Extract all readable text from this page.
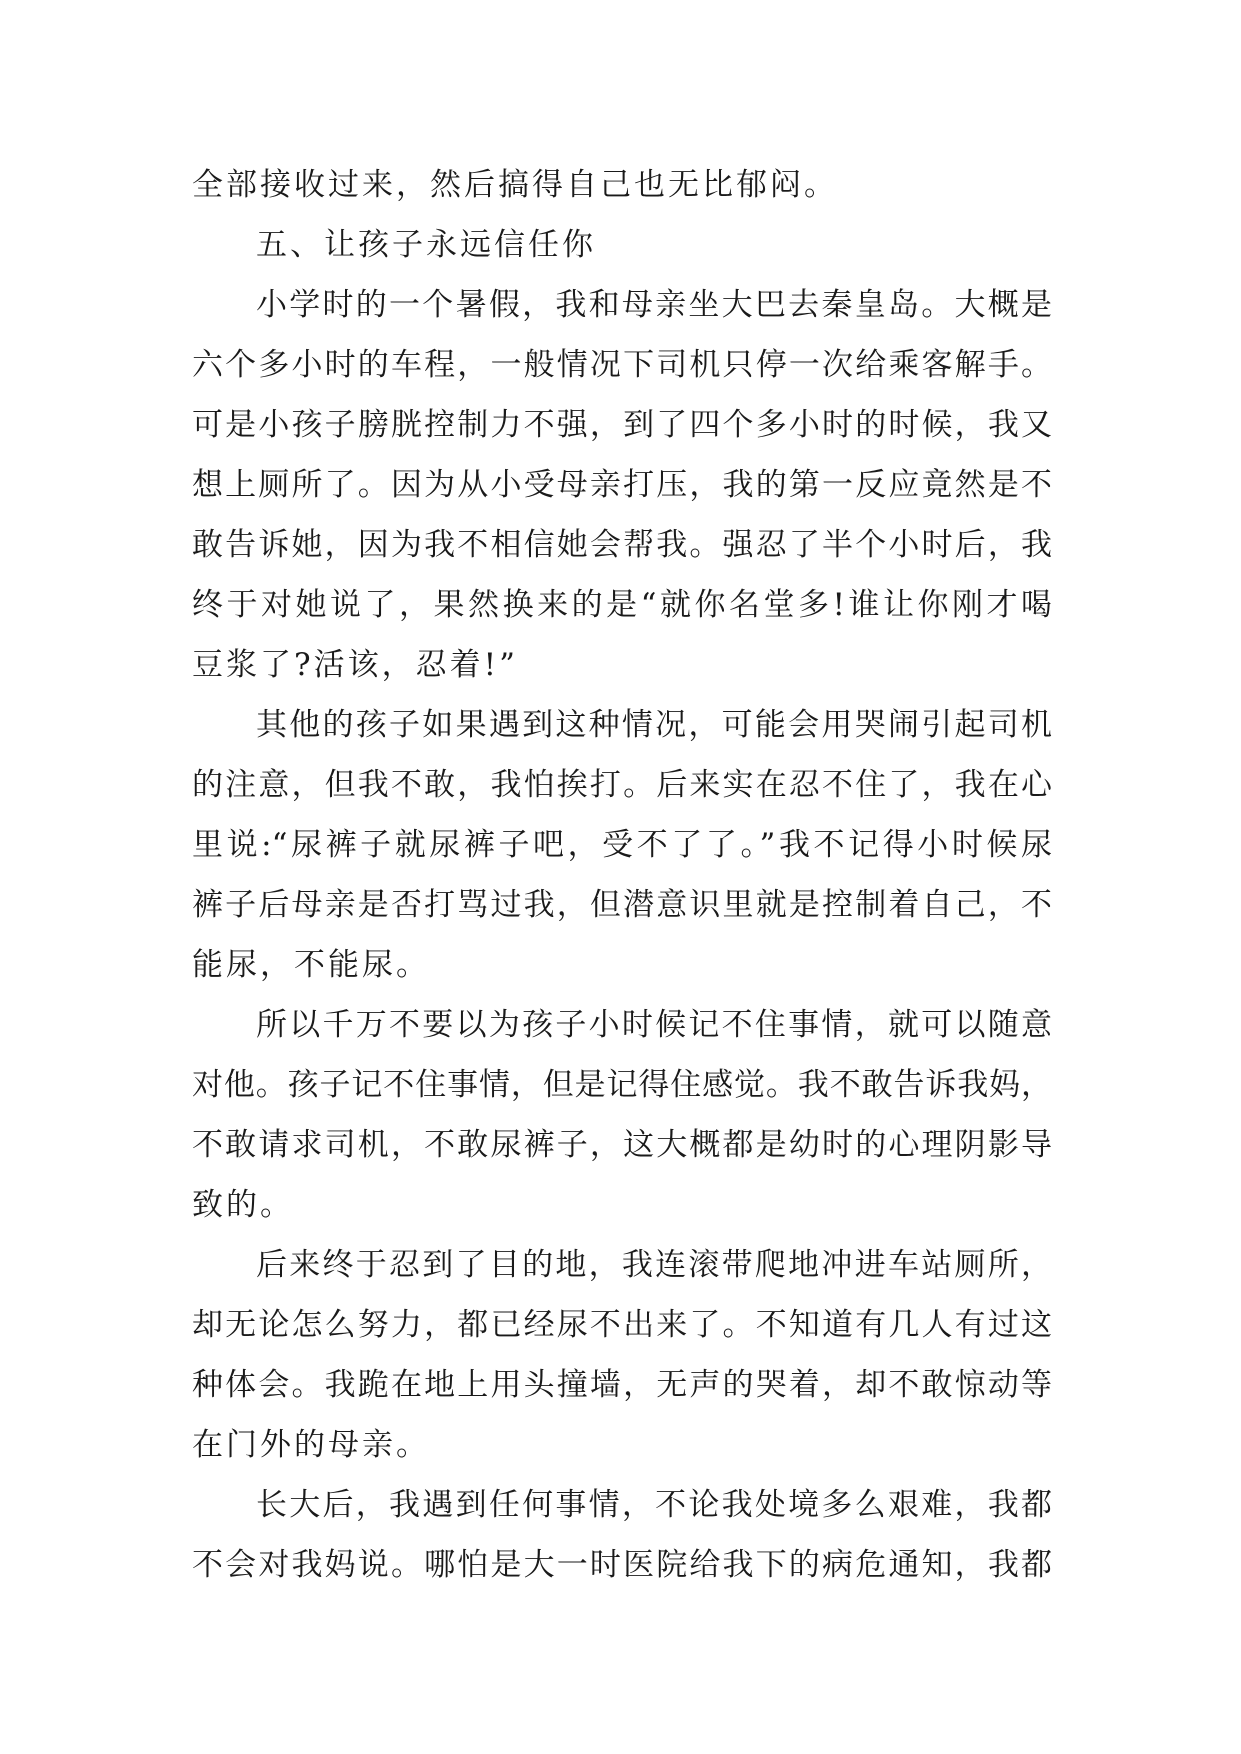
全部接收过来，然后搞得自己也无比郁闷。
五、让孩子永远信任你
小学时的一个暑假，我和母亲坐大巴去秦皇岛。大概是
六个多小时的车程，一般情况下司机只停一次给乘客解手。
可是小孩子膀胱控制力不强，到了四个多小时的时候，我又
想上厕所了。因为从小受母亲打压，我的第一反应竟然是不
敢告诉她，因为我不相信她会帮我。强忍了半个小时后，我
终于对她说了，果然换来的是“就你名堂多!谁让你刚才喝
豆浆了?活该，忍着!”
其他的孩子如果遇到这种情况，可能会用哭闹引起司机
的注意，但我不敢，我怕挨打。后来实在忍不住了，我在心
里说:“尿裤子就尿裤子吧，受不了了。”我不记得小时候尿
裤子后母亲是否打骂过我，但潜意识里就是控制着自己，不
能尿，不能尿。
所以千万不要以为孩子小时候记不住事情，就可以随意
对他。孩子记不住事情，但是记得住感觉。我不敢告诉我妈，
不敢请求司机，不敢尿裤子，这大概都是幼时的心理阴影导
致的。
后来终于忍到了目的地，我连滚带爬地冲进车站厕所，
却无论怎么努力，都已经尿不出来了。不知道有几人有过这
种体会。我跪在地上用头撞墙，无声的哭着，却不敢惊动等
在门外的母亲。
长大后，我遇到任何事情，不论我处境多么艰难，我都
不会对我妈说。哪怕是大一时医院给我下的病危通知，我都
